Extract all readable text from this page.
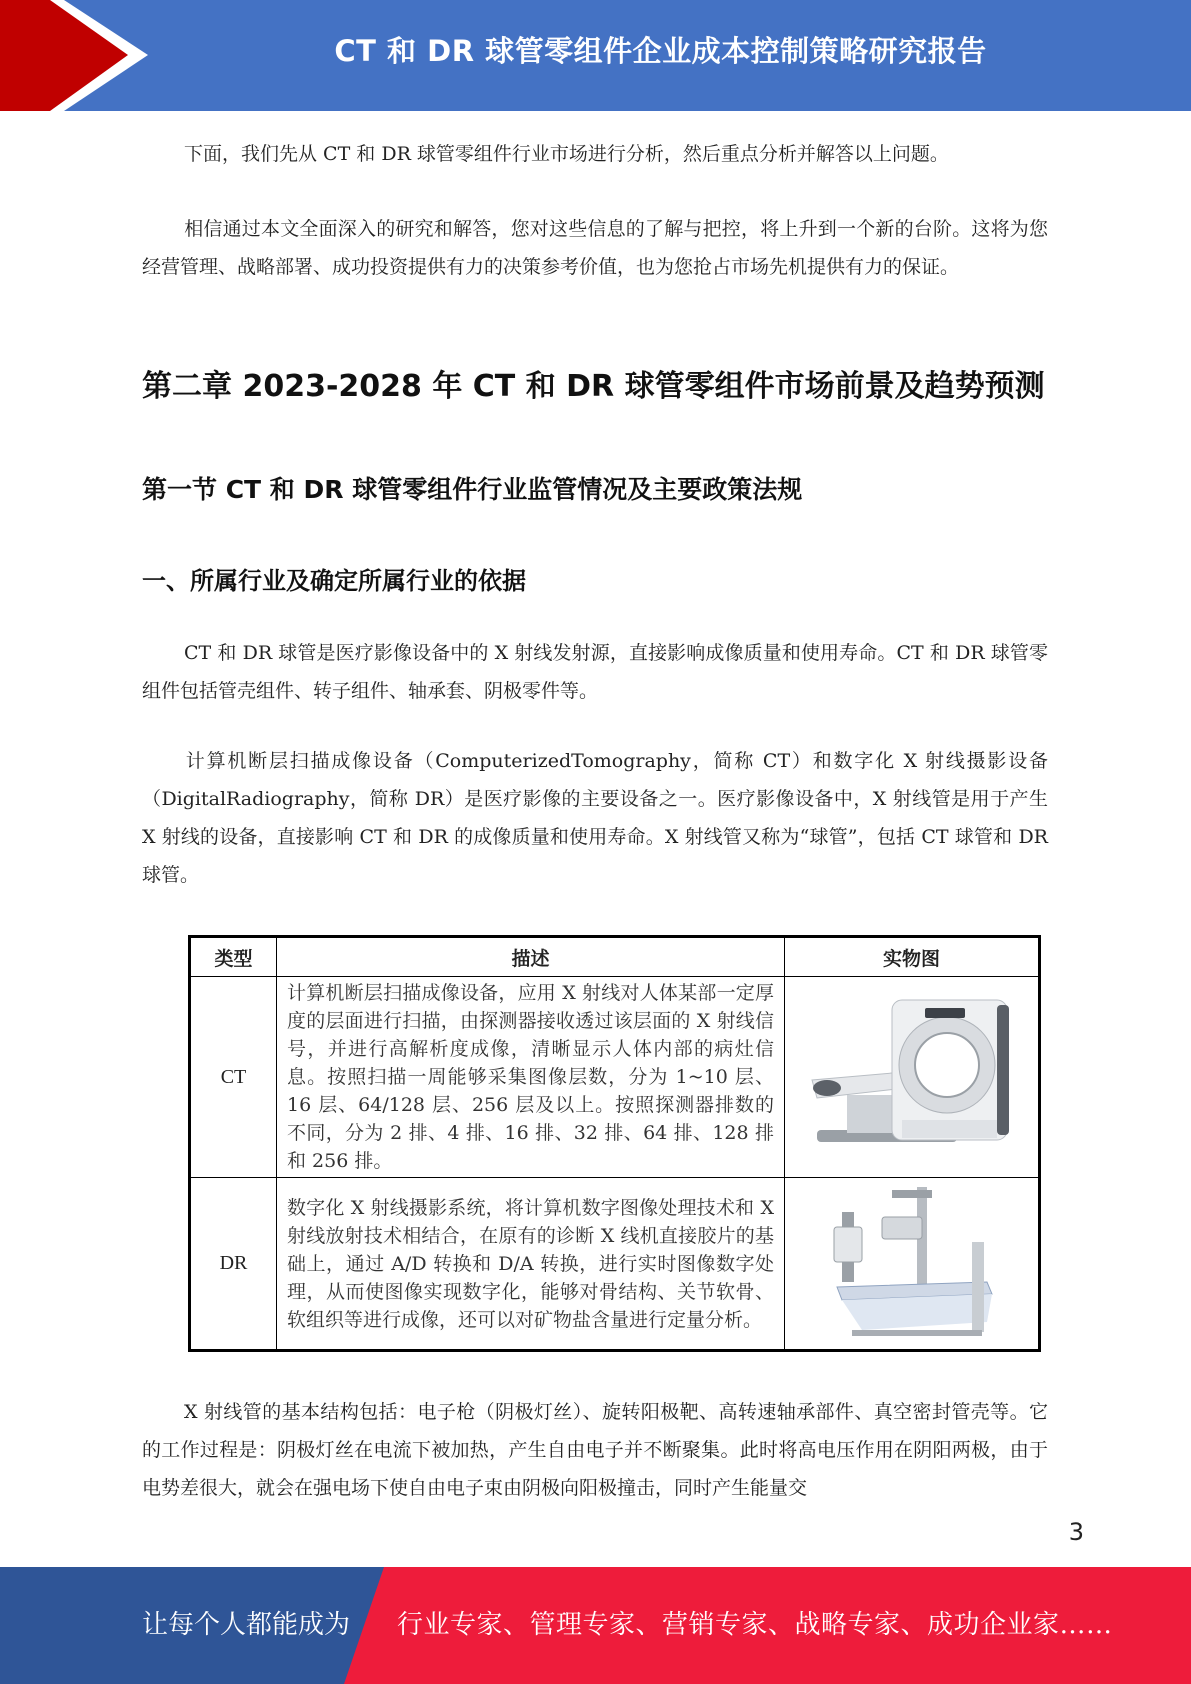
CT 和 DR 球管零组件企业成本控制策略研究报告
下面，我们先从 CT 和 DR 球管零组件行业市场进行分析，然后重点分析并解答以上问题。
相信通过本文全面深入的研究和解答，您对这些信息的了解与把控，将上升到一个新的台阶。这将为您经营管理、战略部署、成功投资提供有力的决策参考价值，也为您抢占市场先机提供有力的保证。
第二章 2023-2028 年 CT 和 DR 球管零组件市场前景及趋势预测
第一节 CT 和 DR 球管零组件行业监管情况及主要政策法规
一、所属行业及确定所属行业的依据
CT 和 DR 球管是医疗影像设备中的 X 射线发射源，直接影响成像质量和使用寿命。CT 和 DR 球管零组件包括管壳组件、转子组件、轴承套、阴极零件等。
计算机断层扫描成像设备（ComputerizedTomography，简称 CT）和数字化 X 射线摄影设备（DigitalRadiography，简称 DR）是医疗影像的主要设备之一。医疗影像设备中，X 射线管是用于产生 X 射线的设备，直接影响 CT 和 DR 的成像质量和使用寿命。X 射线管又称为“球管”，包括 CT 球管和 DR 球管。
X 射线管的基本结构包括：电子枪（阴极灯丝）、旋转阳极靶、高转速轴承部件、真空密封管壳等。它的工作过程是：阴极灯丝在电流下被加热，产生自由电子并不断聚集。此时将高电压作用在阴阳两极，由于电势差很大，就会在强电场下使自由电子束由阴极向阳极撞击，同时产生能量交
类型	描述	实物图
CT	计算机断层扫描成像设备，应用 X 射线对人体某部一定厚度的层面进行扫描，由探测器接收透过该层面的 X 射线信号，并进行高解析度成像，清晰显示人体内部的病灶信息。按照扫描一周能够采集图像层数，分为 1~10 层、16 层、64/128 层、256 层及以上。按照探测器排数的不同，分为 2 排、4 排、16 排、32 排、64 排、128 排和 256 排。	
DR	数字化 X 射线摄影系统，将计算机数字图像处理技术和 X 射线放射技术相结合，在原有的诊断 X 线机直接胶片的基础上，通过 A/D 转换和 D/A 转换，进行实时图像数字处理，从而使图像实现数字化，能够对骨结构、关节软骨、软组织等进行成像，还可以对矿物盐含量进行定量分析。	
3
让每个人都能成为 行业专家、管理专家、营销专家、战略专家、成功企业家……
